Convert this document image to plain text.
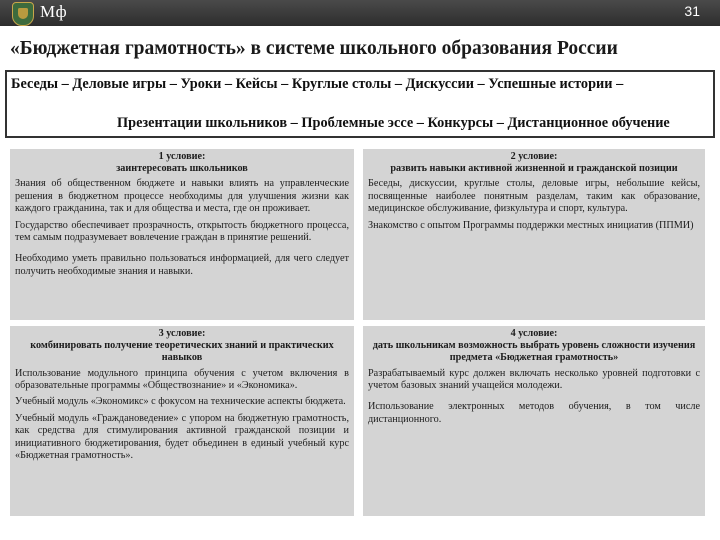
Мф	31
«Бюджетная грамотность» в системе школьного образования России
Беседы – Деловые игры – Уроки – Кейсы – Круглые столы – Дискуссии – Успешные истории –
Презентации школьников – Проблемные эссе – Конкурсы – Дистанционное обучение
1 условие:
заинтересовать школьников
Знания об общественном бюджете и навыки влиять на управленческие решения в бюджетном процессе необходимы для улучшения жизни как каждого гражданина, так и для общества и места, где он проживает.
Государство обеспечивает прозрачность, открытость бюджетного процесса, тем самым подразумевает вовлечение граждан в принятие решений.
Необходимо уметь правильно пользоваться информацией, для чего следует получить необходимые знания и навыки.
2 условие:
развить навыки активной жизненной и гражданской позиции
Беседы, дискуссии, круглые столы, деловые игры, небольшие кейсы, посвященные наиболее понятным разделам, таким как образование, медицинское обслуживание, физкультура и спорт, культура.
Знакомство с опытом Программы поддержки местных инициатив (ППМИ)
3 условие:
комбинировать получение теоретических знаний и практических навыков
Использование модульного принципа обучения с учетом включения в образовательные программы «Обществознание» и «Экономика».
Учебный модуль «Экономикс» с фокусом на технические аспекты бюджета.
Учебный модуль «Граждановедение» с упором на бюджетную грамотность, как средства для стимулирования активной гражданской позиции и инициативного бюджетирования, будет объединен в единый учебный курс «Бюджетная грамотность».
4 условие:
дать школьникам возможность выбрать уровень сложности изучения предмета «Бюджетная грамотность»
Разрабатываемый курс должен включать несколько уровней подготовки с учетом базовых знаний учащейся молодежи.
Использование электронных методов обучения, в том числе дистанционного.
